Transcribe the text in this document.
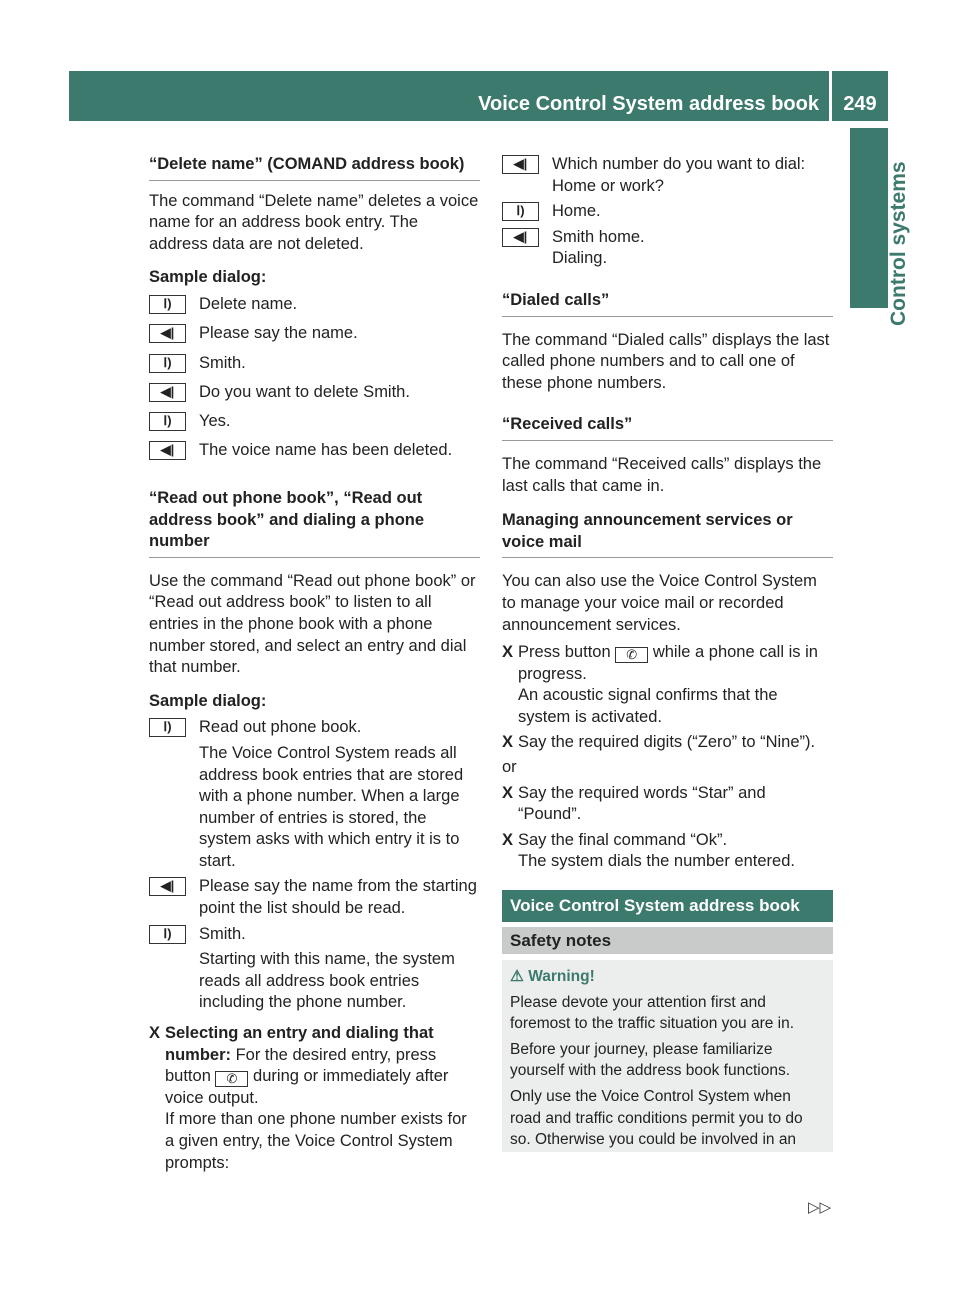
Voice Control System address book	249
Control systems

“Delete name” (COMAND address book)

The command “Delete name” deletes a voice name for an address book entry. The address data are not deleted.

Sample dialog:

ⵏ)	Delete name.
◀|	Please say the name.
ⵏ)	Smith.
◀|	Do you want to delete Smith.
ⵏ)	Yes.
◀|	The voice name has been deleted.

“Read out phone book”, “Read out address book” and dialing a phone number

Use the command “Read out phone book” or “Read out address book” to listen to all entries in the phone book with a phone number stored, and select an entry and dial that number.

Sample dialog:

ⵏ)	Read out phone book.
The Voice Control System reads all address book entries that are stored with a phone number. When a large number of entries is stored, the system asks with which entry it is to start.
◀|	Please say the name from the starting point the list should be read.
ⵏ)	Smith.
Starting with this name, the system reads all address book entries including the phone number.
X Selecting an entry and dialing that number: For the desired entry, press button ✆ during or immediately after voice output.
If more than one phone number exists for a given entry, the Voice Control System prompts:
◀|	Which number do you want to dial: Home or work?
ⵏ)	Home.
◀|	Smith home.
Dialing.

“Dialed calls”

The command “Dialed calls” displays the last called phone numbers and to call one of these phone numbers.

“Received calls”

The command “Received calls” displays the last calls that came in.

Managing announcement services or voice mail

You can also use the Voice Control System to manage your voice mail or recorded announcement services.

X Press button ✆ while a phone call is in progress.
An acoustic signal confirms that the system is activated.
X Say the required digits (“Zero” to “Nine”).

or

X Say the required words “Star” and “Pound”.
X Say the final command “Ok”.
The system dials the number entered.
Voice Control System address book
Safety notes

⚠ Warning!

Please devote your attention first and foremost to the traffic situation you are in.

Before your journey, please familiarize yourself with the address book functions.

Only use the Voice Control System when road and traffic conditions permit you to do so. Otherwise you could be involved in an

▷▷
